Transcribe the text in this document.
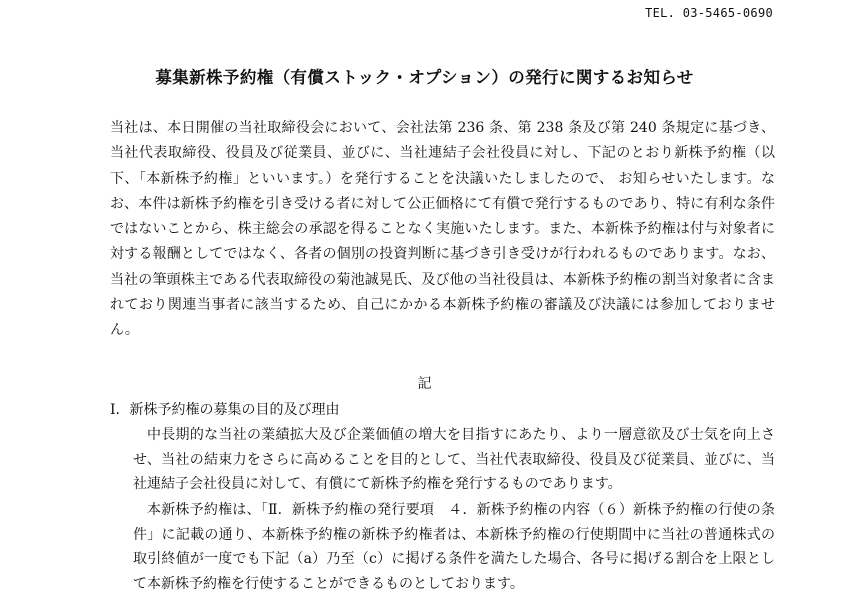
TEL. 03-5465-0690
募集新株予約権（有償ストック・オプション）の発行に関するお知らせ

当社は、本日開催の当社取締役会において、会社法第 236 条、第 238 条及び第 240 条規定に基づき、当社代表取締役、役員及び従業員、並びに、当社連結子会社役員に対し、下記のとおり新株予約権（以下、「本新株予約権」といいます。）を発行することを決議いたしましたので、 お知らせいたします。なお、本件は新株予約権を引き受ける者に対して公正価格にて有償で発行するものであり、特に有利な条件ではないことから、株主総会の承認を得ることなく実施いたします。また、本新株予約権は付与対象者に対する報酬としてではなく、各者の個別の投資判断に基づき引き受けが行われるものであります。なお、当社の筆頭株主である代表取締役の菊池誠晃氏、及び他の当社役員は、本新株予約権の割当対象者に含まれており関連当事者に該当するため、自己にかかる本新株予約権の審議及び決議には参加しておりません。

記
Ⅰ．新株予約権の募集の目的及び理由

中長期的な当社の業績拡大及び企業価値の増大を目指すにあたり、より一層意欲及び士気を向上させ、当社の結束力をさらに高めることを目的として、当社代表取締役、役員及び従業員、並びに、当社連結子会社役員に対して、有償にて新株予約権を発行するものであります。

本新株予約権は、「Ⅱ．新株予約権の発行要項　４．新株予約権の内容（６）新株予約権の行使の条件」に記載の通り、本新株予約権の新株予約権者は、本新株予約権の行使期間中に当社の普通株式の取引終値が一度でも下記（a）乃至（c）に掲げる条件を満たした場合、各号に掲げる割合を上限として本新株予約権を行使することができるものとしております。
